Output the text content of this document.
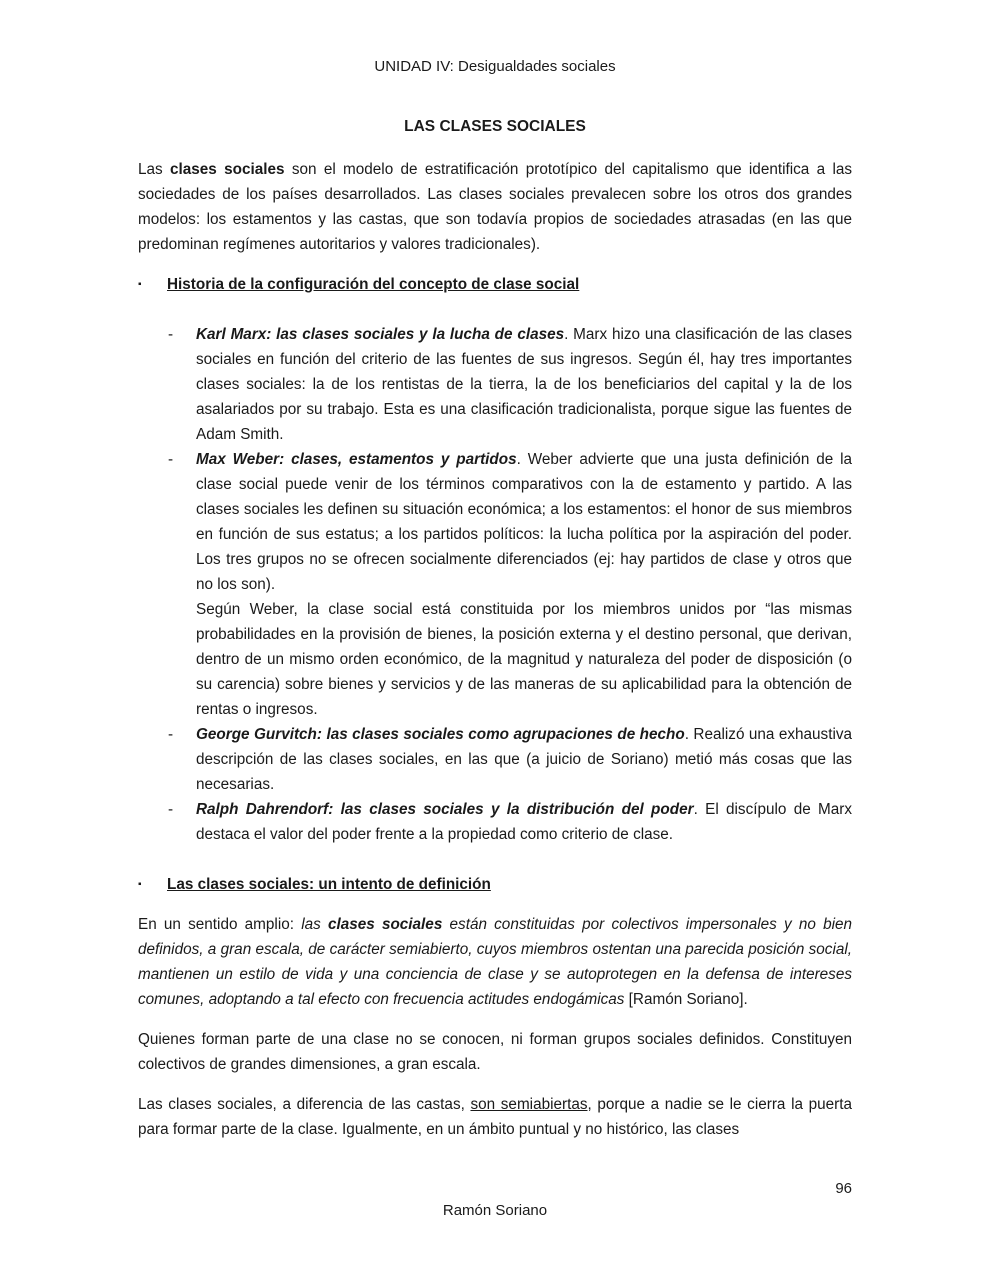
UNIDAD IV: Desigualdades sociales
LAS CLASES SOCIALES

Las clases sociales son el modelo de estratificación prototípico del capitalismo que identifica a las sociedades de los países desarrollados. Las clases sociales prevalecen sobre los otros dos grandes modelos: los estamentos y las castas, que son todavía propios de sociedades atrasadas (en las que predominan regímenes autoritarios y valores tradicionales).

▪ Historia de la configuración del concepto de clase social

- Karl Marx: las clases sociales y la lucha de clases. Marx hizo una clasificación de las clases sociales en función del criterio de las fuentes de sus ingresos. Según él, hay tres importantes clases sociales: la de los rentistas de la tierra, la de los beneficiarios del capital y la de los asalariados por su trabajo. Esta es una clasificación tradicionalista, porque sigue las fuentes de Adam Smith.

- Max Weber: clases, estamentos y partidos. Weber advierte que una justa definición de la clase social puede venir de los términos comparativos con la de estamento y partido. A las clases sociales les definen su situación económica; a los estamentos: el honor de sus miembros en función de sus estatus; a los partidos políticos: la lucha política por la aspiración del poder. Los tres grupos no se ofrecen socialmente diferenciados (ej: hay partidos de clase y otros que no los son).

Según Weber, la clase social está constituida por los miembros unidos por “las mismas probabilidades en la provisión de bienes, la posición externa y el destino personal, que derivan, dentro de un mismo orden económico, de la magnitud y naturaleza del poder de disposición (o su carencia) sobre bienes y servicios y de las maneras de su aplicabilidad para la obtención de rentas o ingresos.

- George Gurvitch: las clases sociales como agrupaciones de hecho. Realizó una exhaustiva descripción de las clases sociales, en las que (a juicio de Soriano) metió más cosas que las necesarias.

- Ralph Dahrendorf: las clases sociales y la distribución del poder. El discípulo de Marx destaca el valor del poder frente a la propiedad como criterio de clase.

▪ Las clases sociales: un intento de definición

En un sentido amplio: las clases sociales están constituidas por colectivos impersonales y no bien definidos, a gran escala, de carácter semiabierto, cuyos miembros ostentan una parecida posición social, mantienen un estilo de vida y una conciencia de clase y se autoprotegen en la defensa de intereses comunes, adoptando a tal efecto con frecuencia actitudes endogámicas [Ramón Soriano].

Quienes forman parte de una clase no se conocen, ni forman grupos sociales definidos. Constituyen colectivos de grandes dimensiones, a gran escala.

Las clases sociales, a diferencia de las castas, son semiabiertas, porque a nadie se le cierra la puerta para formar parte de la clase. Igualmente, en un ámbito puntual y no histórico, las clases

96
Ramón Soriano
